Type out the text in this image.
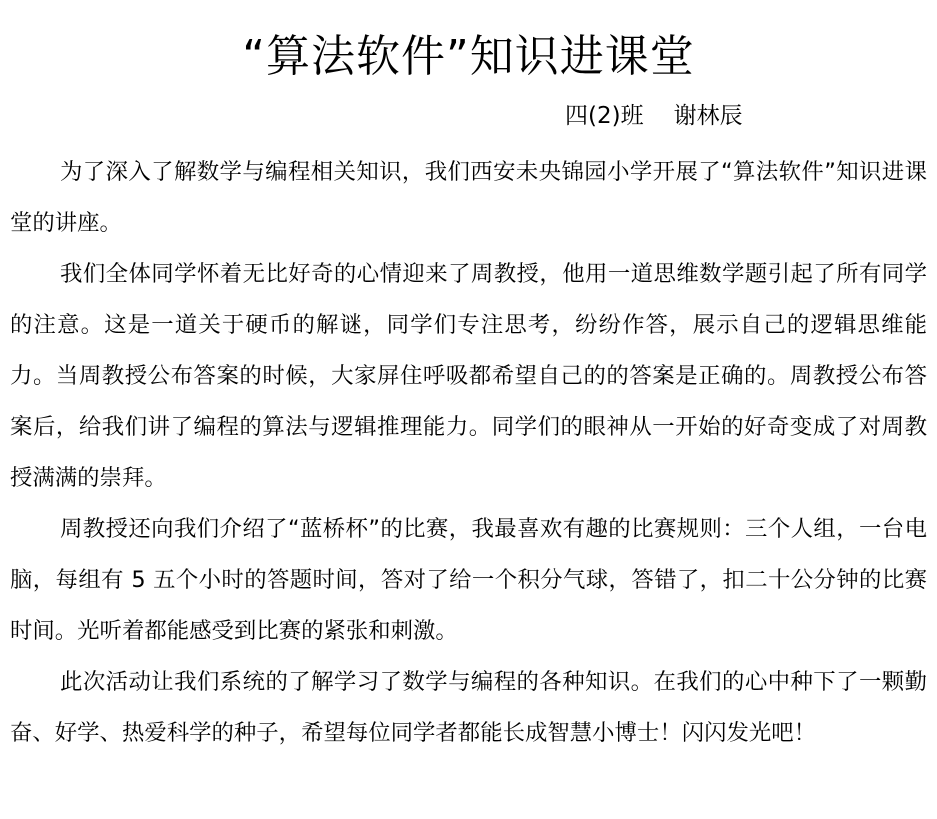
“算法软件”知识进课堂
四(2)班 谢林辰

为了深入了解数学与编程相关知识，我们西安未央锦园小学开展了“算法软件”知识进课堂的讲座。

我们全体同学怀着无比好奇的心情迎来了周教授，他用一道思维数学题引起了所有同学的注意。这是一道关于硬币的解谜，同学们专注思考，纷纷作答，展示自己的逻辑思维能力。当周教授公布答案的时候，大家屏住呼吸都希望自己的的答案是正确的。周教授公布答案后，给我们讲了编程的算法与逻辑推理能力。同学们的眼神从一开始的好奇变成了对周教授满满的崇拜。

周教授还向我们介绍了“蓝桥杯”的比赛，我最喜欢有趣的比赛规则：三个人组，一台电脑，每组有 5 五个小时的答题时间，答对了给一个积分气球，答错了，扣二十公分钟的比赛时间。光听着都能感受到比赛的紧张和刺激。

此次活动让我们系统的了解学习了数学与编程的各种知识。在我们的心中种下了一颗勤奋、好学、热爱科学的种子，希望每位同学者都能长成智慧小博士！闪闪发光吧！
